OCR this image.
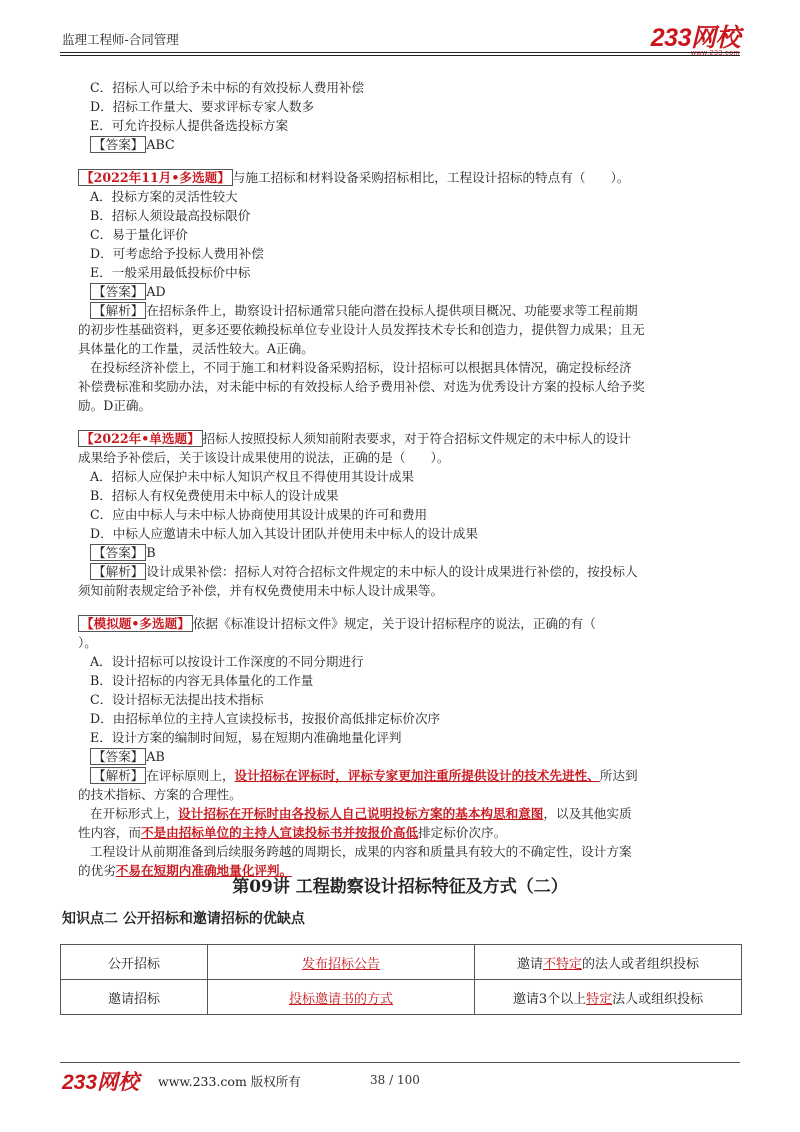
监理工程师-合同管理	233网校
www.233.com
C．招标人可以给予未中标的有效投标人费用补偿
D．招标工作量大、要求评标专家人数多
E．可允许投标人提供备选投标方案
【答案】 ABC
【2022年11月•多选题】 与施工招标和材料设备采购招标相比，工程设计招标的特点有（　　）。
A．投标方案的灵活性较大
B．招标人须设最高投标限价
C．易于量化评价
D．可考虑给予投标人费用补偿
E．一般采用最低投标价中标
【答案】 AD
【解析】 在招标条件上，勘察设计招标通常只能向潜在投标人提供项目概况、功能要求等工程前期
的初步性基础资料，更多还要依赖投标单位专业设计人员发挥技术专长和创造力，提供智力成果；且无
具体量化的工作量，灵活性较大。A正确。
在投标经济补偿上，不同于施工和材料设备采购招标，设计招标可以根据具体情况，确定投标经济
补偿费标准和奖励办法，对未能中标的有效投标人给予费用补偿、对选为优秀设计方案的投标人给予奖
励。D正确。
【2022年•单选题】 招标人按照投标人须知前附表要求，对于符合招标文件规定的未中标人的设计
成果给予补偿后，关于该设计成果使用的说法，正确的是（　　）。
A．招标人应保护未中标人知识产权且不得使用其设计成果
B．招标人有权免费使用未中标人的设计成果
C．应由中标人与未中标人协商使用其设计成果的许可和费用
D．中标人应邀请未中标人加入其设计团队并使用未中标人的设计成果
【答案】 B
【解析】 设计成果补偿：招标人对符合招标文件规定的未中标人的设计成果进行补偿的，按投标人
须知前附表规定给予补偿，并有权免费使用未中标人设计成果等。
【模拟题•多选题】 依据《标准设计招标文件》规定，关于设计招标程序的说法，正确的有（
）。
A．设计招标可以按设计工作深度的不同分期进行
B．设计招标的内容无具体量化的工作量
C．设计招标无法提出技术指标
D．由招标单位的主持人宣读投标书，按报价高低排定标价次序
E．设计方案的编制时间短，易在短期内准确地量化评判
【答案】 AB
【解析】 在评标原则上，设计招标在评标时，评标专家更加注重所提供设计的技术先进性、所达到
的技术指标、方案的合理性。
在开标形式上，设计招标在开标时由各投标人自己说明投标方案的基本构思和意图，以及其他实质
性内容，而不是由招标单位的主持人宣读投标书并按报价高低排定标价次序。
工程设计从前期准备到后续服务跨越的周期长，成果的内容和质量具有较大的不确定性，设计方案
的优劣不易在短期内准确地量化评判。
第09讲 工程勘察设计招标特征及方式（二）
知识点二 公开招标和邀请招标的优缺点
公开招标	发布招标公告	邀请不特定的法人或者组织投标
邀请招标	投标邀请书的方式	邀请3个以上特定法人或组织投标
233网校 www.233.com 版权所有	38 / 100
